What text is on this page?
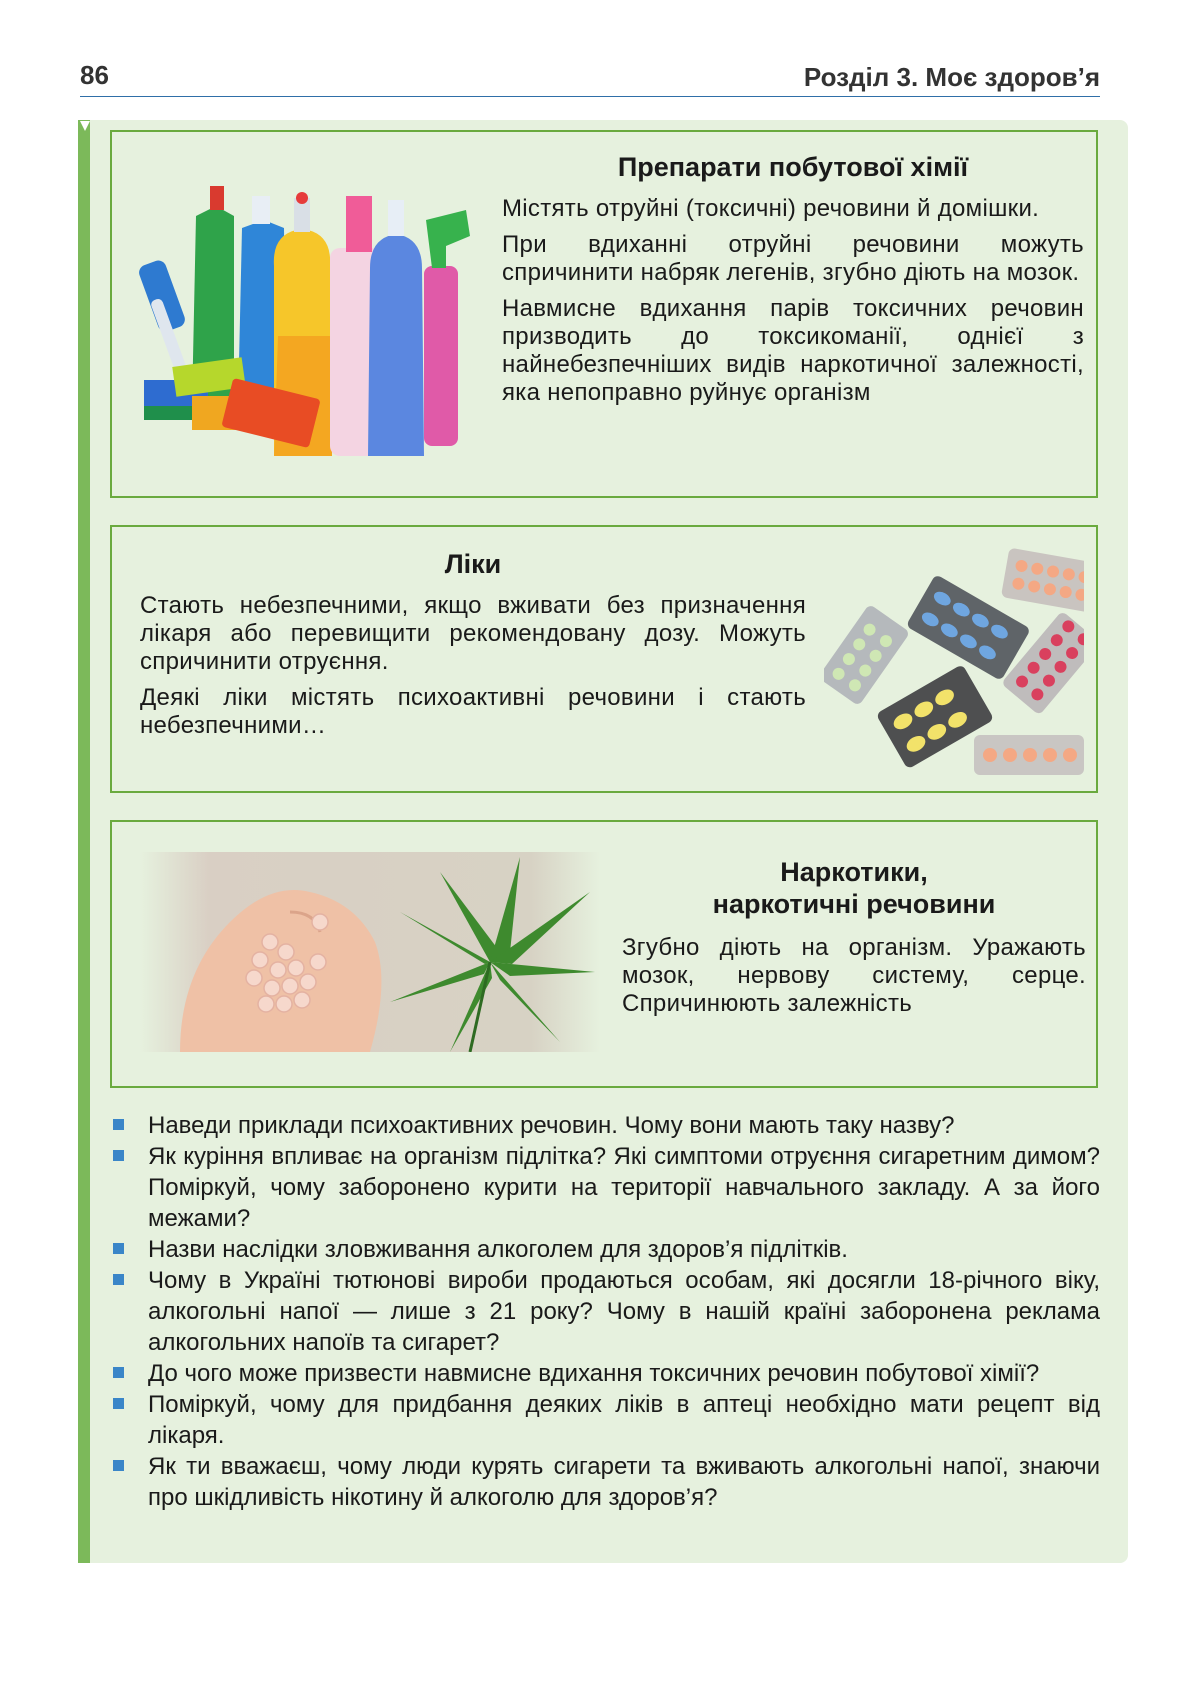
86	Розділ 3. Моє здоров’я
Препарати побутової хімії

Містять отруйні (токсичні) речовини й домішки.

При вдиханні отруйні речовини можуть спричинити набряк легенів, згубно діють на мозок.

Навмисне вдихання парів токсичних речовин призводить до токсикоманії, однієї з найнебезпечніших видів наркотичної залежності, яка непоправно руйнує організм

Ліки

Стають небезпечними, якщо вживати без призначення лікаря або перевищити рекомендовану дозу. Можуть спричинити отруєння.

Деякі ліки містять психоактивні речовини і стають небезпечними…

Наркотики,
наркотичні речовини

Згубно діють на організм. Уражають мозок, нервову систему, серце. Спричинюють залежність

Наведи приклади психоактивних речовин. Чому вони мають таку назву?
Як куріння впливає на організм підлітка? Які симптоми отруєння сигаретним димом? Поміркуй, чому заборонено курити на території навчального закладу. А за його межами?
Назви наслідки зловживання алкоголем для здоров’я підлітків.
Чому в Україні тютюнові вироби продаються особам, які досягли 18-річного віку, алкогольні напої — лише з 21 року? Чому в нашій країні заборонена реклама алкогольних напоїв та сигарет?
До чого може призвести навмисне вдихання токсичних речовин побутової хімії?
Поміркуй, чому для придбання деяких ліків в аптеці необхідно мати рецепт від лікаря.
Як ти вважаєш, чому люди курять сигарети та вживають алкогольні напої, знаючи про шкідливість нікотину й алкоголю для здоров’я?
